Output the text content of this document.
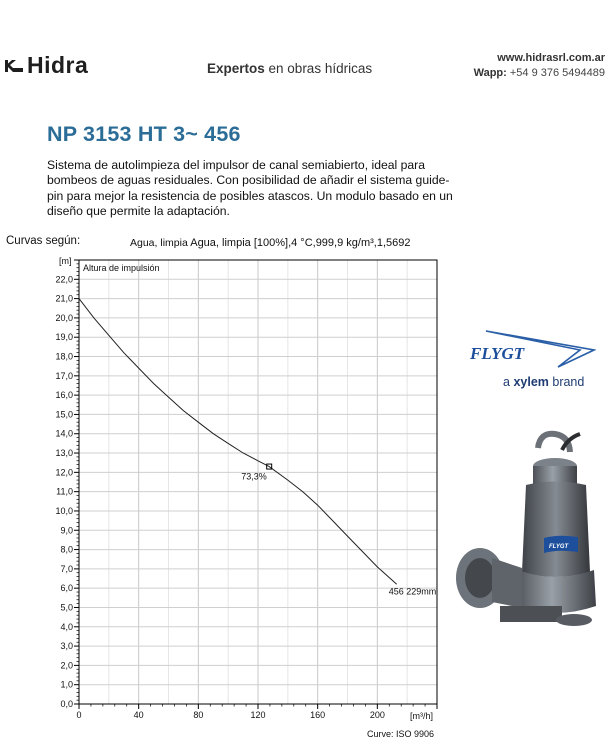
Hidra	Expertos en obras hídricas
www.hidrasrl.com.ar
Wapp: +54 9 376 5494489
NP 3153 HT 3~ 456
Sistema de autolimpieza del impulsor de canal semiabierto, ideal para bombeos de aguas residuales. Con posibilidad de añadir el sistema guide-pin para mejor la resistencia de posibles atascos. Un modulo basado en un diseño que permite la adaptación.
Curvas según:	Agua, limpia Agua, limpia [100%],4 °C,999,9 kg/m³,1,5692
0,0
1,0
2,0
3,0
4,0
5,0
6,0
7,0
8,0
9,0
10,0
11,0
12,0
13,0
14,0
15,0
16,0
17,0
18,0
19,0
20,0
21,0
22,0
0	40	80	120	160	200
[m]
Altura de impulsión
[m³/h]
73,3%
456 229mm
Curve: ISO 9906
FLYGT
a xylem brand
FLYGT
